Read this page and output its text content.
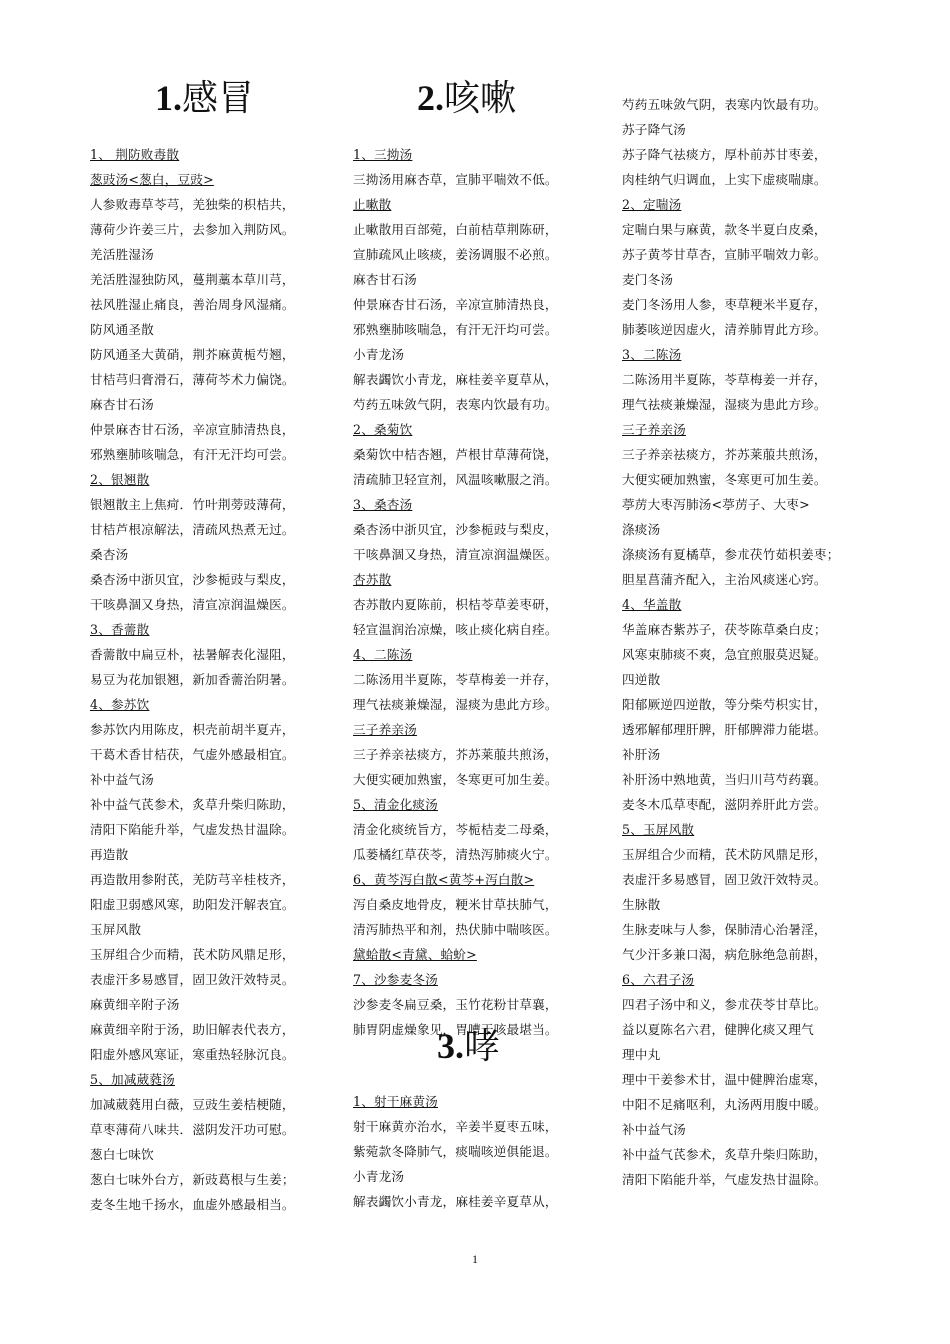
1.感冒	2.咳嗽
3.哮
1、 荆防败毒散
葱豉汤<葱白，豆豉>
人参败毒草苓芎，羌独柴的枳桔共，
薄荷少许姜三片，去参加入荆防风。
羌活胜湿汤
羌活胜湿独防风，蔓荆藁本草川芎，
祛风胜湿止痛良，善治周身风湿痛。
防风通圣散
防风通圣大黄硝，荆芥麻黄栀芍翘，
甘桔芎归膏滑石，薄荷芩术力偏饶。
麻杏甘石汤
仲景麻杏甘石汤，辛凉宣肺清热良，
邪熟壅肺咳喘急，有汗无汗均可尝。
2、银翘散
银翘散主上焦疴．竹叶荆蒡豉薄荷，
甘桔芦根凉解法，清疏风热煮无过。
桑杏汤
桑杏汤中浙贝宜，沙参栀豉与梨皮，
干咳鼻涸又身热，清宣凉润温燥医。
3、香薷散
香薷散中扁豆朴，祛暑解表化湿阻，
易豆为花加银翘，新加香薷治阴暑。
4、参苏饮
参苏饮内用陈皮，枳壳前胡半夏卉，
干葛术香甘桔茯，气虚外感最相宜。
补中益气汤
补中益气芪参术，炙草升柴归陈助，
清阳下陷能升举，气虚发热甘温除。
再造散
再造散用参附芪，羌防芎辛桂枝齐，
阳虚卫弱感风寒，助阳发汗解表宜。
玉屏风散
玉屏组合少而精，芪术防风鼎足形，
表虚汗多易感冒，固卫敛汗效特灵。
麻黄细辛附子汤
麻黄细辛附于汤，助旧解表代表方，
阳虚外感风寒证，寒重热轻脉沉良。
5、加减葳蕤汤
加减葳蕤用白薇，豆豉生姜桔梗随，
草枣薄荷八味共．滋阴发汗功可慰。
葱白七味饮
葱白七味外台方，新豉葛根与生姜；
麦冬生地千扬水，血虚外感最相当。
1、三拗汤
三拗汤用麻杏草，宣肺平喘效不低。
止嗽散
止嗽散用百部菀，白前桔草荆陈研，
宣肺疏风止咳痰，姜汤调服不必煎。
麻杏甘石汤
仲景麻杏甘石汤，辛凉宣肺清热良，
邪熟壅肺咳喘急，有汗无汗均可尝。
小青龙汤
解表蠲饮小青龙，麻桂姜辛夏草从，
芍药五味敛气阴，表寒内饮最有功。
2、桑菊饮
桑菊饮中桔杏翘，芦根甘草薄荷饶，
清疏肺卫轻宣剂，风温咳嗽服之消。
3、桑杏汤
桑杏汤中浙贝宜，沙参栀豉与梨皮，
干咳鼻涸又身热，清宣凉润温燥医。
杏苏散
杏苏散内夏陈前，枳桔苓草姜枣研，
轻宣温润治凉燥，咳止痰化病自痊。
4、二陈汤
二陈汤用半夏陈，苓草梅姜一并存，
理气祛痰兼燥湿，湿痰为患此方珍。
三子养亲汤
三子养亲祛痰方，芥苏莱菔共煎汤，
大便实硬加熟蜜，冬寒更可加生姜。
5、清金化痰汤
清金化痰统旨方，芩栀桔麦二母桑，
瓜蒌橘红草茯苓，清热泻肺痰火宁。
6、黄芩泻白散<黄芩+泻白散>
泻自桑皮地骨皮，粳米甘草扶肺气，
清泻肺热平和剂，热伏肺中喘咳医。
黛蛤散<青黛、蛤蚧>
7、沙参麦冬汤
沙参麦冬扁豆桑，玉竹花粉甘草襄，
肺胃阴虚燥象见，胃嘈干咳最堪当。
1、射干麻黄汤
射干麻黄亦治水，辛姜半夏枣五味，
紫菀款冬降肺气，痰喘咳逆俱能退。
小青龙汤
解表蠲饮小青龙，麻桂姜辛夏草从，
芍药五味敛气阴，表寒内饮最有功。
苏子降气汤
苏子降气祛痰方，厚朴前苏甘枣姜，
肉桂纳气归调血，上实下虚痰喘康。
2、定喘汤
定喘白果与麻黄，款冬半夏白皮桑，
苏子黄芩甘草杏，宣肺平喘效力彰。
麦门冬汤
麦门冬汤用人参，枣草粳米半夏存，
肺萎咳逆因虚火，清养肺胃此方珍。
3、二陈汤
二陈汤用半夏陈，苓草梅姜一并存，
理气祛痰兼燥湿，湿痰为患此方珍。
三子养亲汤
三子养亲祛痰方，芥苏莱菔共煎汤，
大便实硬加熟蜜，冬寒更可加生姜。
葶苈大枣泻肺汤<葶苈子、大枣>
涤痰汤
涤痰汤有夏橘草，参朮茯竹茹枳姜枣；
胆星菖蒲齐配入，主治风痰迷心窍。
4、华盖散
华盖麻杏紫苏子，茯苓陈草桑白皮；
风寒束肺痰不爽，急宜煎服莫迟疑。
四逆散
阳郁厥逆四逆散，等分柴芍枳实甘，
透邪解郁理肝脾，肝郁脾滞力能堪。
补肝汤
补肝汤中熟地黄，当归川芎芍药襄。
麦冬木瓜草枣配，滋阴养肝此方尝。
5、玉屏风散
玉屏组合少而精，芪术防风鼎足形，
表虚汗多易感冒，固卫敛汗效特灵。
生脉散
生脉麦味与人参，保肺清心治暑淫，
气少汗多兼口渴，病危脉绝急前斟，
6、六君子汤
四君子汤中和义，参朮茯苓甘草比。
益以夏陈名六君，健脾化痰又理气
理中丸
理中干姜参术甘，温中健脾治虚寒，
中阳不足痛呕利，丸汤两用腹中暖。
补中益气汤
补中益气芪参术，炙草升柴归陈助，
清阳下陷能升举，气虚发热甘温除。
1
